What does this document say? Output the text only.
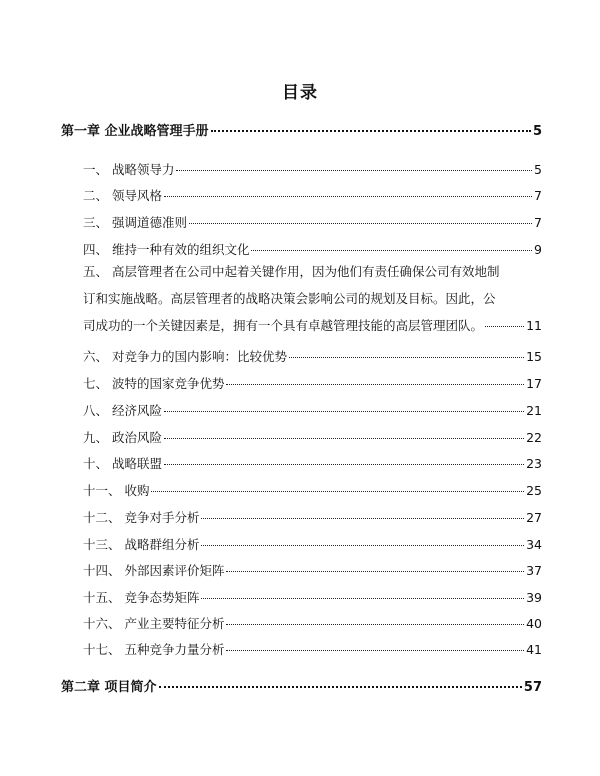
目录
第一章 企业战略管理手册	5
一、 战略领导力	5
二、 领导风格	7
三、 强调道德准则	7
四、 维持一种有效的组织文化	9
五、 高层管理者在公司中起着关键作用，因为他们有责任确保公司有效地制
订和实施战略。高层管理者的战略决策会影响公司的规划及目标。因此，公
司成功的一个关键因素是，拥有一个具有卓越管理技能的高层管理团队。	11
六、 对竞争力的国内影响：比较优势	15
七、 波特的国家竞争优势	17
八、 经济风险	21
九、 政治风险	22
十、 战略联盟	23
十一、 收购	25
十二、 竞争对手分析	27
十三、 战略群组分析	34
十四、 外部因素评价矩阵	37
十五、 竞争态势矩阵	39
十六、 产业主要特征分析	40
十七、 五种竞争力量分析	41
第二章 项目简介	57
